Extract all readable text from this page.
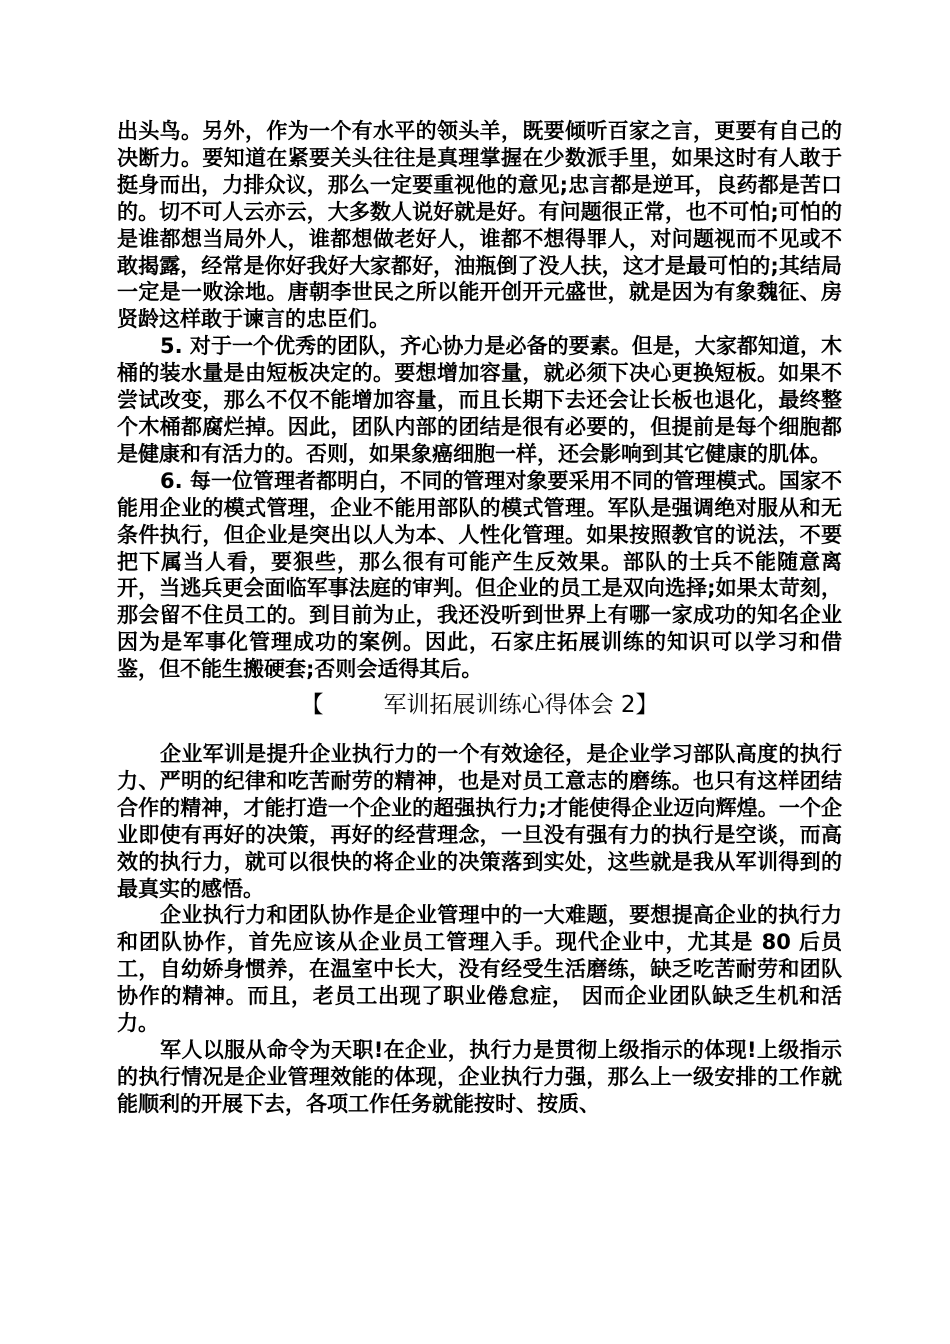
出头鸟。另外，作为一个有水平的领头羊，既要倾听百家之言，更要有自己的决断力。要知道在紧要关头往往是真理掌握在少数派手里，如果这时有人敢于挺身而出，力排众议，那么一定要重视他的意见;忠言都是逆耳，良药都是苦口的。切不可人云亦云，大多数人说好就是好。有问题很正常，也不可怕;可怕的是谁都想当局外人，谁都想做老好人，谁都不想得罪人，对问题视而不见或不敢揭露，经常是你好我好大家都好，油瓶倒了没人扶，这才是最可怕的;其结局一定是一败涂地。唐朝李世民之所以能开创开元盛世，就是因为有象魏征、房贤龄这样敢于谏言的忠臣们。

5. 对于一个优秀的团队，齐心协力是必备的要素。但是，大家都知道，木桶的装水量是由短板决定的。要想增加容量，就必须下决心更换短板。如果不尝试改变，那么不仅不能增加容量，而且长期下去还会让长板也退化，最终整个木桶都腐烂掉。因此，团队内部的团结是很有必要的，但提前是每个细胞都是健康和有活力的。否则，如果象癌细胞一样，还会影响到其它健康的肌体。

6. 每一位管理者都明白，不同的管理对象要采用不同的管理模式。国家不能用企业的模式管理，企业不能用部队的模式管理。军队是强调绝对服从和无条件执行，但企业是突出以人为本、人性化管理。如果按照教官的说法，不要把下属当人看，要狠些，那么很有可能产生反效果。部队的士兵不能随意离开，当逃兵更会面临军事法庭的审判。但企业的员工是双向选择;如果太苛刻，那会留不住员工的。到目前为止，我还没听到世界上有哪一家成功的知名企业因为是军事化管理成功的案例。因此，石家庄拓展训练的知识可以学习和借鉴，但不能生搬硬套;否则会适得其后。

【	军训拓展训练心得体会 2】

企业军训是提升企业执行力的一个有效途径，是企业学习部队高度的执行力、严明的纪律和吃苦耐劳的精神，也是对员工意志的磨练。也只有这样团结合作的精神，才能打造一个企业的超强执行力;才能使得企业迈向辉煌。一个企业即使有再好的决策，再好的经营理念，一旦没有强有力的执行是空谈，而高效的执行力，就可以很快的将企业的决策落到实处，这些就是我从军训得到的最真实的感悟。

企业执行力和团队协作是企业管理中的一大难题，要想提高企业的执行力和团队协作，首先应该从企业员工管理入手。现代企业中，尤其是 80 后员工，自幼娇身惯养，在温室中长大，没有经受生活磨练，缺乏吃苦耐劳和团队协作的精神。而且，老员工出现了职业倦怠症， 因而企业团队缺乏生机和活力。

军人以服从命令为天职!在企业，执行力是贯彻上级指示的体现!上级指示的执行情况是企业管理效能的体现，企业执行力强，那么上一级安排的工作就能顺利的开展下去，各项工作任务就能按时、按质、
